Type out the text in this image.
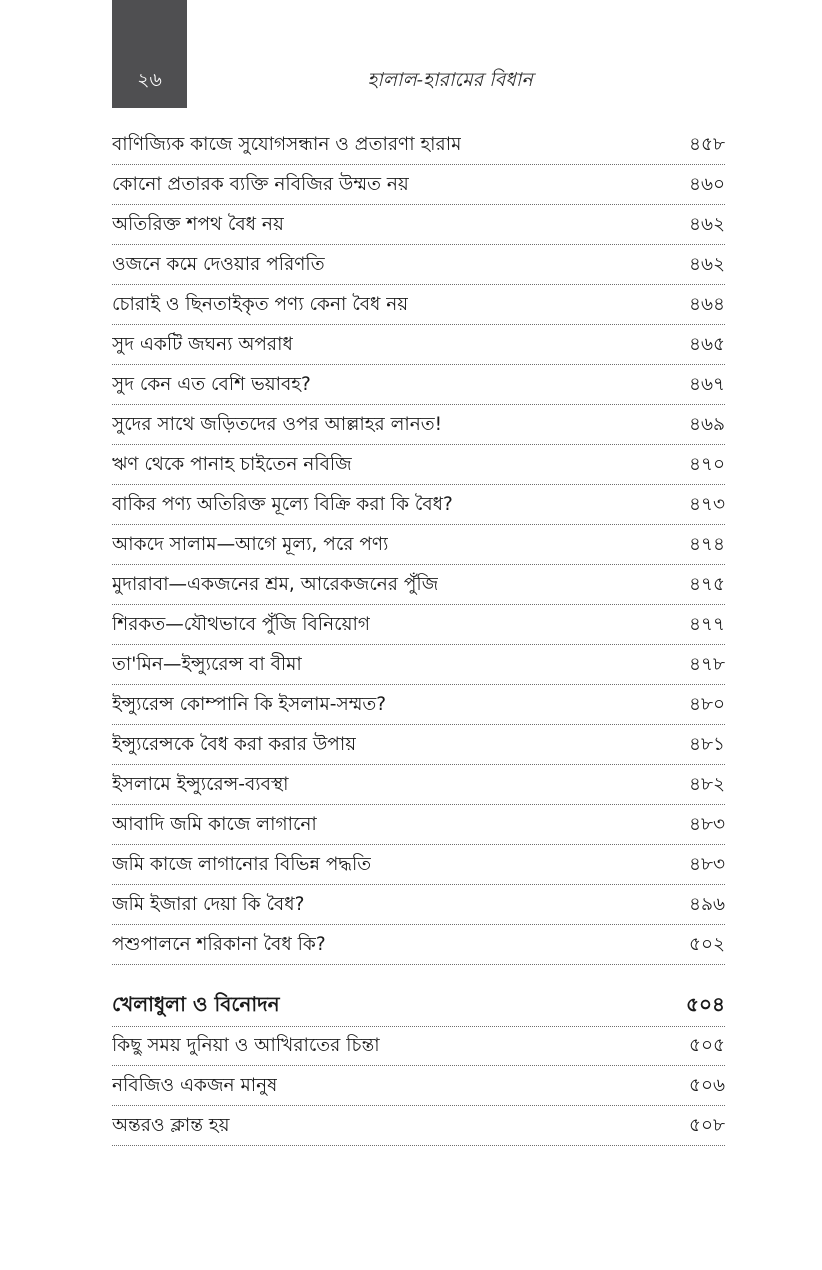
২৬	হালাল-হারামের বিধান
বাণিজ্যিক কাজে সুযোগসন্ধান ও প্রতারণা হারাম	৪৫৮
কোনো প্রতারক ব্যক্তি নবিজির উম্মত নয়	৪৬০
অতিরিক্ত শপথ বৈধ নয়	৪৬২
ওজনে কমে দেওয়ার পরিণতি	৪৬২
চোরাই ও ছিনতাইকৃত পণ্য কেনা বৈধ নয়	৪৬৪
সুদ একটি জঘন্য অপরাধ	৪৬৫
সুদ কেন এত বেশি ভয়াবহ?	৪৬৭
সুদের সাথে জড়িতদের ওপর আল্লাহর লানত!	৪৬৯
ঋণ থেকে পানাহ চাইতেন নবিজি	৪৭০
বাকির পণ্য অতিরিক্ত মূল্যে বিক্রি করা কি বৈধ?	৪৭৩
আকদে সালাম—আগে মূল্য, পরে পণ্য	৪৭৪
মুদারাবা—একজনের শ্রম, আরেকজনের পুঁজি	৪৭৫
শিরকত—যৌথভাবে পুঁজি বিনিয়োগ	৪৭৭
তা'মিন—ইন্স্যুরেন্স বা বীমা	৪৭৮
ইন্স্যুরেন্স কোম্পানি কি ইসলাম-সম্মত?	৪৮০
ইন্স্যুরেন্সকে বৈধ করা করার উপায়	৪৮১
ইসলামে ইন্স্যুরেন্স-ব্যবস্থা	৪৮২
আবাদি জমি কাজে লাগানো	৪৮৩
জমি কাজে লাগানোর বিভিন্ন পদ্ধতি	৪৮৩
জমি ইজারা দেয়া কি বৈধ?	৪৯৬
পশুপালনে শরিকানা বৈধ কি?	৫০২
খেলাধুলা ও বিনোদন	৫০৪
কিছু সময় দুনিয়া ও আখিরাতের চিন্তা	৫০৫
নবিজিও একজন মানুষ	৫০৬
অন্তরও ক্লান্ত হয়	৫০৮
